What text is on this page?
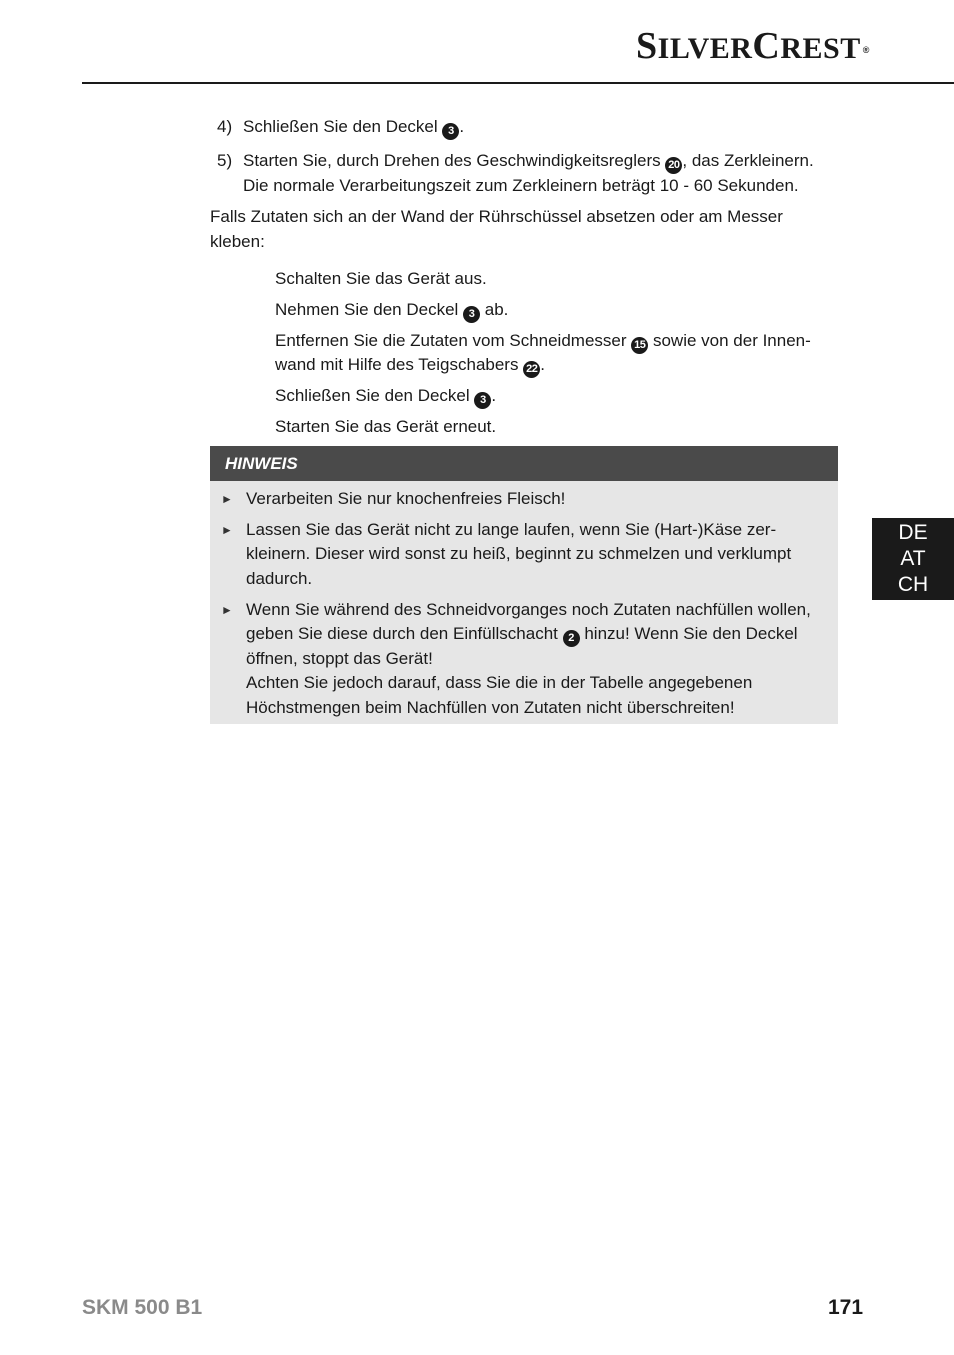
SILVERCREST ®
4) Schließen Sie den Deckel 3 .
5) Starten Sie, durch Drehen des Geschwindigkeitsreglers 20 , das Zerkleinern.
Die normale Verarbeitungszeit zum Zerkleinern beträgt 10 - 60 Sekunden.
Falls Zutaten sich an der Wand der Rührschüssel absetzen oder am Messer kleben:
Schalten Sie das Gerät aus.
Nehmen Sie den Deckel 3 ab.
Entfernen Sie die Zutaten vom Schneidmesser 15 sowie von der Innen-
wand mit Hilfe des Teigschabers 22 .
Schließen Sie den Deckel 3 .
Starten Sie das Gerät erneut.
HINWEIS
► Verarbeiten Sie nur knochenfreies Fleisch!
► Lassen Sie das Gerät nicht zu lange laufen, wenn Sie (Hart-)Käse zer-
kleinern. Dieser wird sonst zu heiß, beginnt zu schmelzen und verklumpt
dadurch.
► Wenn Sie während des Schneidvorganges noch Zutaten nachfüllen wollen,
geben Sie diese durch den Einfüllschacht 2 hinzu! Wenn Sie den Deckel
öffnen, stoppt das Gerät!
Achten Sie jedoch darauf, dass Sie die in der Tabelle angegebenen
Höchstmengen beim Nachfüllen von Zutaten nicht überschreiten!
DE
AT
CH
SKM 500 B1	171
